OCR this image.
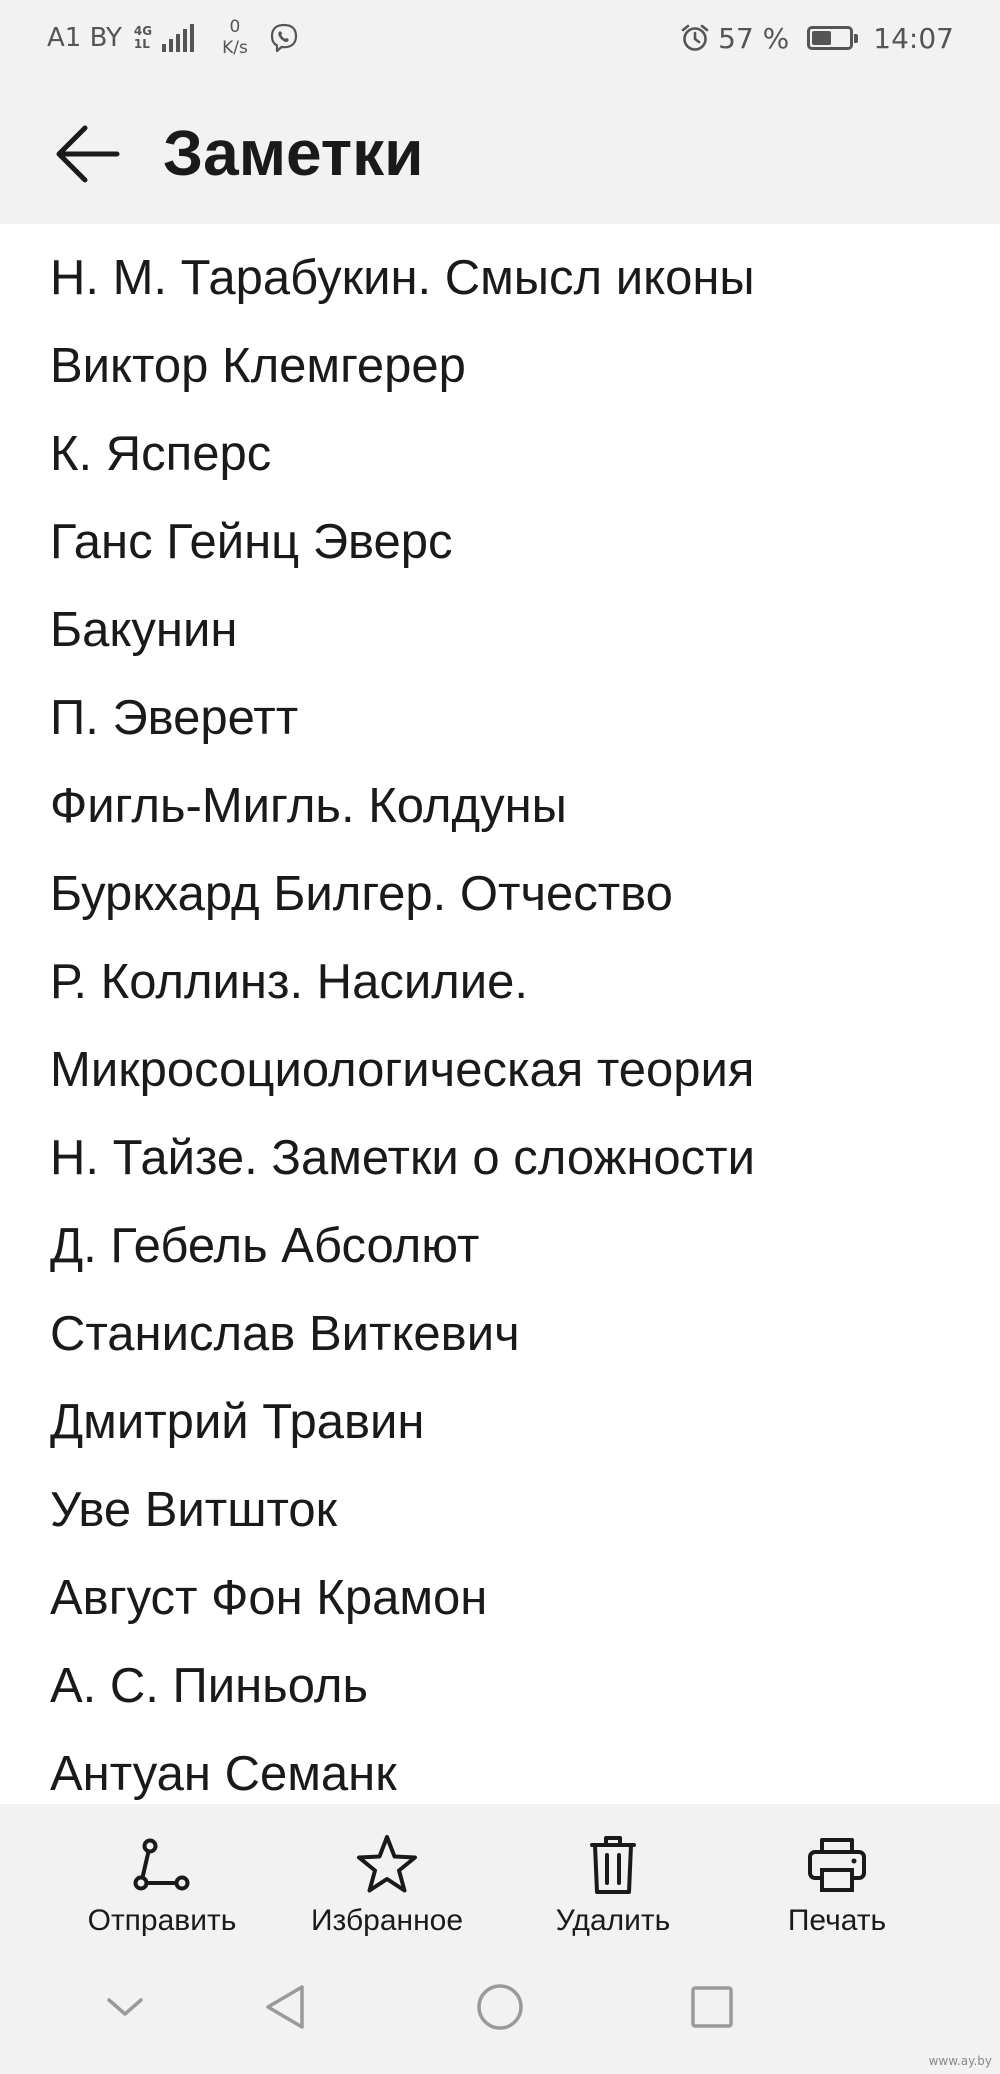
A1 BY 4G
1L
0
K/s	57 %	14:07
Заметки
Н. М. Тарабукин. Смысл иконы
Виктор Клемгерер
К. Ясперс
Ганс Гейнц Эверс
Бакунин
П. Эверетт
Фигль-Мигль. Колдуны
Буркхард Билгер. Отчество
Р. Коллинз. Насилие.
Микросоциологическая теория
Н. Тайзе. Заметки о сложности
Д. Гебель Абсолют
Станислав Виткевич
Дмитрий Травин
Уве Витшток
Август Фон Крамон
А. С. Пиньоль
Антуан Семанк
Отправить Избранное	Удалить	Печать
www.ay.by
